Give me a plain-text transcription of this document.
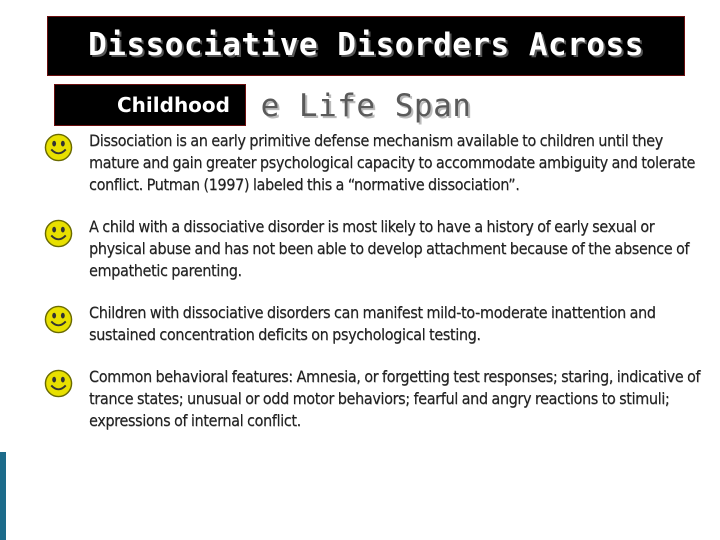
e Life Span
Dissociative Disorders Across
Childhood
Dissociation is an early primitive defense mechanism available to children until they mature and gain greater psychological capacity to accommodate ambiguity and tolerate conflict. Putman (1997) labeled this a “normative dissociation”.
A child with a dissociative disorder is most likely to have a history of early sexual or physical abuse and has not been able to develop attachment because of the absence of empathetic parenting.
Children with dissociative disorders can manifest mild-to-moderate inattention and sustained concentration deficits on psychological testing.
Common behavioral features: Amnesia, or forgetting test responses; staring, indicative of trance states; unusual or odd motor behaviors; fearful and angry reactions to stimuli; expressions of internal conflict.
